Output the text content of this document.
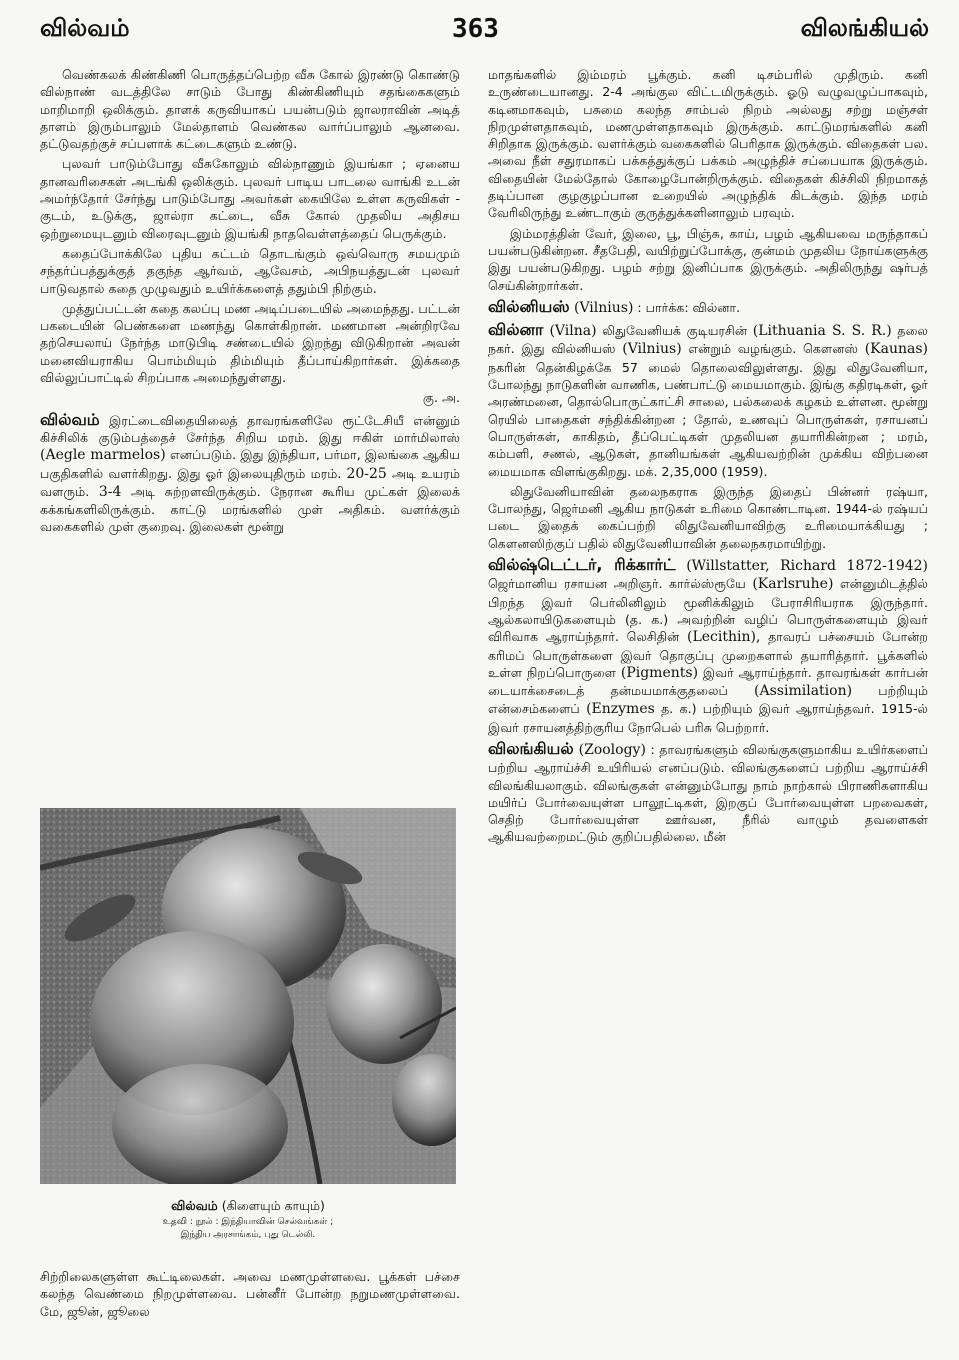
வில்வம்	363	விலங்கியல்

வெண்கலக் கிண்கிணி பொருத்தப்பெற்ற வீசு கோல் இரண்டு கொண்டு வில்நாண் வடத்திலே சாடும் போது கிண்கிணியும் சதங்கைகளும் மாறிமாறி ஒலிக்கும். தாளக் கருவியாகப் பயன்படும் ஜாலராவின் அடித் தாளம் இரும்பாலும் மேல்தாளம் வெண்கல வார்ப்பாலும் ஆனவை. தட்டுவதற்குச் சப்பளாக் கட்டைகளும் உண்டு.

புலவர் பாடும்போது வீசுகோலும் வில்நாணும் இயங்கா ; ஏனைய தானவரிசைகள் அடங்கி ஒலிக்கும். புலவர் பாடிய பாடலை வாங்கி உடன் அமர்ந்தோர் சேர்ந்து பாடும்போது அவர்கள் கையிலே உள்ள கருவிகள் - குடம், உடுக்கு, ஜால்ரா கட்டை, வீசு கோல் முதலிய அதிசய ஒற்றுமையுடனும் விரைவுடனும் இயங்கி நாதவெள்ளத்தைப் பெருக்கும்.

கதைப்போக்கிலே புதிய கட்டம் தொடங்கும் ஒவ்வொரு சமயமும் சந்தர்ப்பத்துக்குத் தகுந்த ஆர்வம், ஆவேசம், அபிநயத்துடன் புலவர் பாடுவதால் கதை முழுவதும் உயிர்க்களைத் ததும்பி நிற்கும்.

முத்துப்பட்டன் கதை கலப்பு மண அடிப்படையில் அமைந்தது. பட்டன் பகடையின் பெண்களை மணந்து கொள்கிறான். மணமான அன்றிரவே தற்செயலாய் நேர்ந்த மாடுபிடி சண்டையில் இறந்து விடுகிறான் அவன் மனைவியராகிய பொம்மியும் திம்மியும் தீப்பாய்கிறார்கள். இக்கதை வில்லுப்பாட்டில் சிறப்பாக அமைந்துள்ளது.

கு. அ.

வில்வம் இரட்டைவிதையிலைத் தாவரங்களிலே ரூட்டேசியீ என்னும் கிச்சிலிக் குடும்பத்தைச் சேர்ந்த சிறிய மரம். இது ஈகிள் மார்மிலாஸ் (Aegle marmelos) எனப்படும். இது இந்தியா, பர்மா, இலங்கை ஆகிய பகுதிகளில் வளர்கிறது. இது ஓர் இலையுதிரும் மரம். 20-25 அடி உயரம் வளரும். 3-4 அடி சுற்றளவிருக்கும். நேரான கூரிய முட்கள் இலைக் கக்கங்களிலிருக்கும். காட்டு மரங்களில் முள் அதிகம். வளர்க்கும் வகைகளில் முள் குறைவு. இலைகள் மூன்று

வில்வம் (கிளையும் காயும்)
உதவி : நூல் : இந்தியாவின் செல்வங்கள் ;
இந்திய அரசாங்கம், புது டெல்லி.

சிற்றிலைகளுள்ள கூட்டிலைகள். அவை மணமுள்ளவை. பூக்கள் பச்சை கலந்த வெண்மை நிறமுள்ளவை. பன்னீர் போன்ற நறுமணமுள்ளவை. மே, ஜூன், ஜூலை

மாதங்களில் இம்மரம் பூக்கும். கனி டிசம்பரில் முதிரும். கனி உருண்டையானது. 2-4 அங்குல விட்டமிருக்கும். ஓடு வழுவழுப்பாகவும், கடினமாகவும், பசுமை கலந்த சாம்பல் நிறம் அல்லது சற்று மஞ்சள் நிறமுள்ளதாகவும், மணமுள்ளதாகவும் இருக்கும். காட்டுமரங்களில் கனி சிறிதாக இருக்கும். வளர்க்கும் வகைகளில் பெரிதாக இருக்கும். விதைகள் பல. அவை நீள் சதுரமாகப் பக்கத்துக்குப் பக்கம் அழுந்திச் சப்பையாக இருக்கும். விதையின் மேல்தோல் கோழைபோன்றிருக்கும். விதைகள் கிச்சிலி நிறமாகத் தடிப்பான குழகுழப்பான உறையில் அழுந்திக் கிடக்கும். இந்த மரம் வேரிலிருந்து உண்டாகும் குருத்துக்களினாலும் பரவும்.

இம்மரத்தின் வேர், இலை, பூ, பிஞ்சு, காய், பழம் ஆகியவை மருந்தாகப் பயன்படுகின்றன. சீதபேதி, வயிற்றுப்போக்கு, குன்மம் முதலிய நோய்களுக்கு இது பயன்படுகிறது. பழம் சற்று இனிப்பாக இருக்கும். அதிலிருந்து ஷர்பத் செய்கின்றார்கள்.

வில்னியஸ் (Vilnius) : பார்க்க: வில்னா.

வில்னா (Vilna) லிதுவேனியக் குடியரசின் (Lithuania S. S. R.) தலை நகர். இது வில்னியஸ் (Vilnius) என்றும் வழங்கும். கௌனஸ் (Kaunas) நகரின் தென்கிழக்கே 57 மைல் தொலைவிலுள்ளது. இது லிதுவேனியா, போலந்து நாடுகளின் வாணிக, பண்பாட்டு மையமாகும். இங்கு கதிரடிகள், ஓர் அரண்மனை, தொல்பொருட்காட்சி சாலை, பல்கலைக் கழகம் உள்ளன. மூன்று ரெயில் பாதைகள் சந்திக்கின்றன ; தோல், உணவுப் பொருள்கள், ரசாயனப் பொருள்கள், காகிதம், தீப்பெட்டிகள் முதலியன தயாரிகின்றன ; மரம், கம்பளி, சணல், ஆடுகள், தானியங்கள் ஆகியவற்றின் முக்கிய விற்பனை மையமாக விளங்குகிறது. மக். 2,35,000 (1959).

லிதுவேனியாவின் தலைநகராக இருந்த இதைப் பின்னர் ரஷ்யா, போலந்து, ஜெர்மனி ஆகிய நாடுகள் உரிமை கொண்டாடின. 1944-ல் ரஷ்யப் படை இதைக் கைப்பற்றி லிதுவேனியாவிற்கு உரிமையாக்கியது ; கௌனஸிற்குப் பதில் லிதுவேனியாவின் தலைநகரமாயிற்று.

வில்ஷ்டெட்டர், ரிக்கார்ட் (Willstatter, Richard 1872-1942) ஜெர்மானிய ரசாயன அறிஞர். கார்ல்ஸ்ரூயே (Karlsruhe) என்னுமிடத்தில் பிறந்த இவர் பெர்லினிலும் மூனிக்கிலும் பேராசிரியராக இருந்தார். ஆல்கலாயிடுகளையும் (த. க.) அவற்றின் வழிப் பொருள்களையும் இவர் விரிவாக ஆராய்ந்தார். லெசிதின் (Lecithin), தாவரப் பச்சையம் போன்ற கரிமப் பொருள்களை இவர் தொகுப்பு முறைகளால் தயாரித்தார். பூக்களில் உள்ள நிறப்பொருளை (Pigments) இவர் ஆராய்ந்தார். தாவரங்கள் கார்பன் டையாக்சைடைத் தன்மயமாக்குதலைப் (Assimilation) பற்றியும் என்சைம்களைப் (Enzymes த. க.) பற்றியும் இவர் ஆராய்ந்தவர். 1915-ல் இவர் ரசாயனத்திற்குரிய நோபெல் பரிசு பெற்றார்.

விலங்கியல் (Zoology) : தாவரங்களும் விலங்குகளுமாகிய உயிர்களைப் பற்றிய ஆராய்ச்சி உயிரியல் எனப்படும். விலங்குகளைப் பற்றிய ஆராய்ச்சி விலங்கியலாகும். விலங்குகள் என்னும்போது நாம் நாற்கால் பிராணிகளாகிய மயிர்ப் போர்வையுள்ள பாலூட்டிகள், இறகுப் போர்வையுள்ள பறவைகள், செதிற் போர்வையுள்ள ஊர்வன, நீரில் வாழும் தவளைகள் ஆகியவற்றைமட்டும் குறிப்பதில்லை. மீன்
